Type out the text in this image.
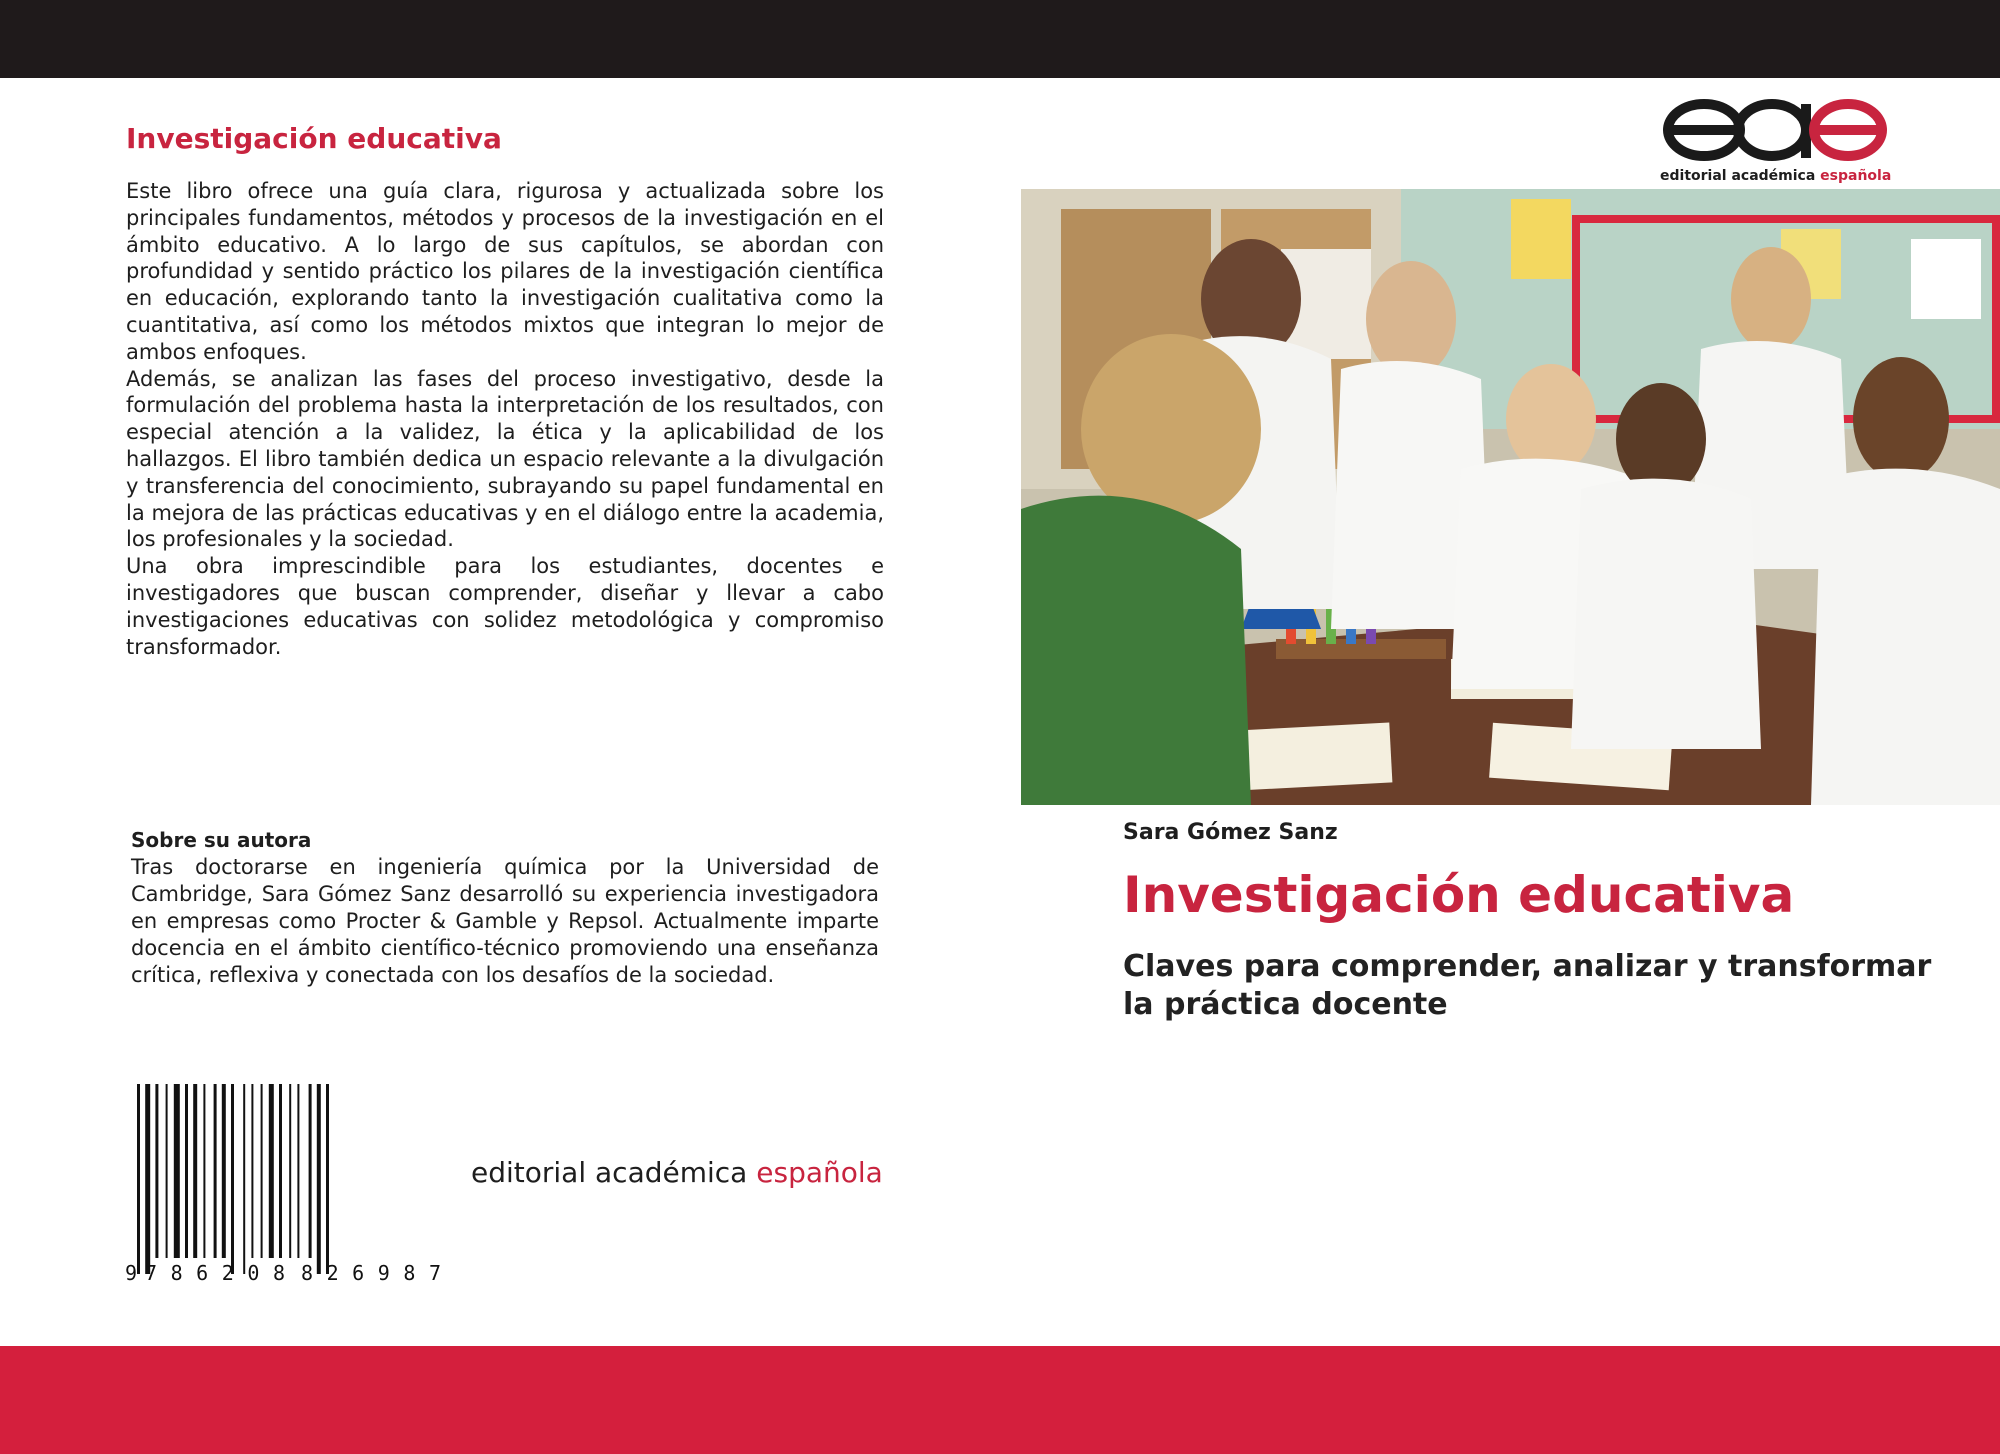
Investigación educativa

Este libro ofrece una guía clara, rigurosa y actualizada sobre los principales fundamentos, métodos y procesos de la investigación en el ámbito educativo. A lo largo de sus capítulos, se abordan con profundidad y sentido práctico los pilares de la investigación científica en educación, explorando tanto la investigación cualitativa como la cuantitativa, así como los métodos mixtos que integran lo mejor de ambos enfoques.

Además, se analizan las fases del proceso investigativo, desde la formulación del problema hasta la interpretación de los resultados, con especial atención a la validez, la ética y la aplicabilidad de los hallazgos. El libro también dedica un espacio relevante a la divulgación y transferencia del conocimiento, subrayando su papel fundamental en la mejora de las prácticas educativas y en el diálogo entre la academia, los profesionales y la sociedad.

Una obra imprescindible para los estudiantes, docentes e investigadores que buscan comprender, diseñar y llevar a cabo investigaciones educativas con solidez metodológica y compromiso transformador.

Sobre su autora

Tras doctorarse en ingeniería química por la Universidad de Cambridge, Sara Gómez Sanz desarrolló su experiencia investigadora en empresas como Procter & Gamble y Repsol. Actualmente imparte docencia en el ámbito científico-técnico promoviendo una enseñanza crítica, reflexiva y conectada con los desafíos de la sociedad.

9 786208 826987
editorial académica española
editorial académica española

Sara Gómez Sanz

Investigación educativa

Claves para comprender, analizar y transformar la práctica docente
